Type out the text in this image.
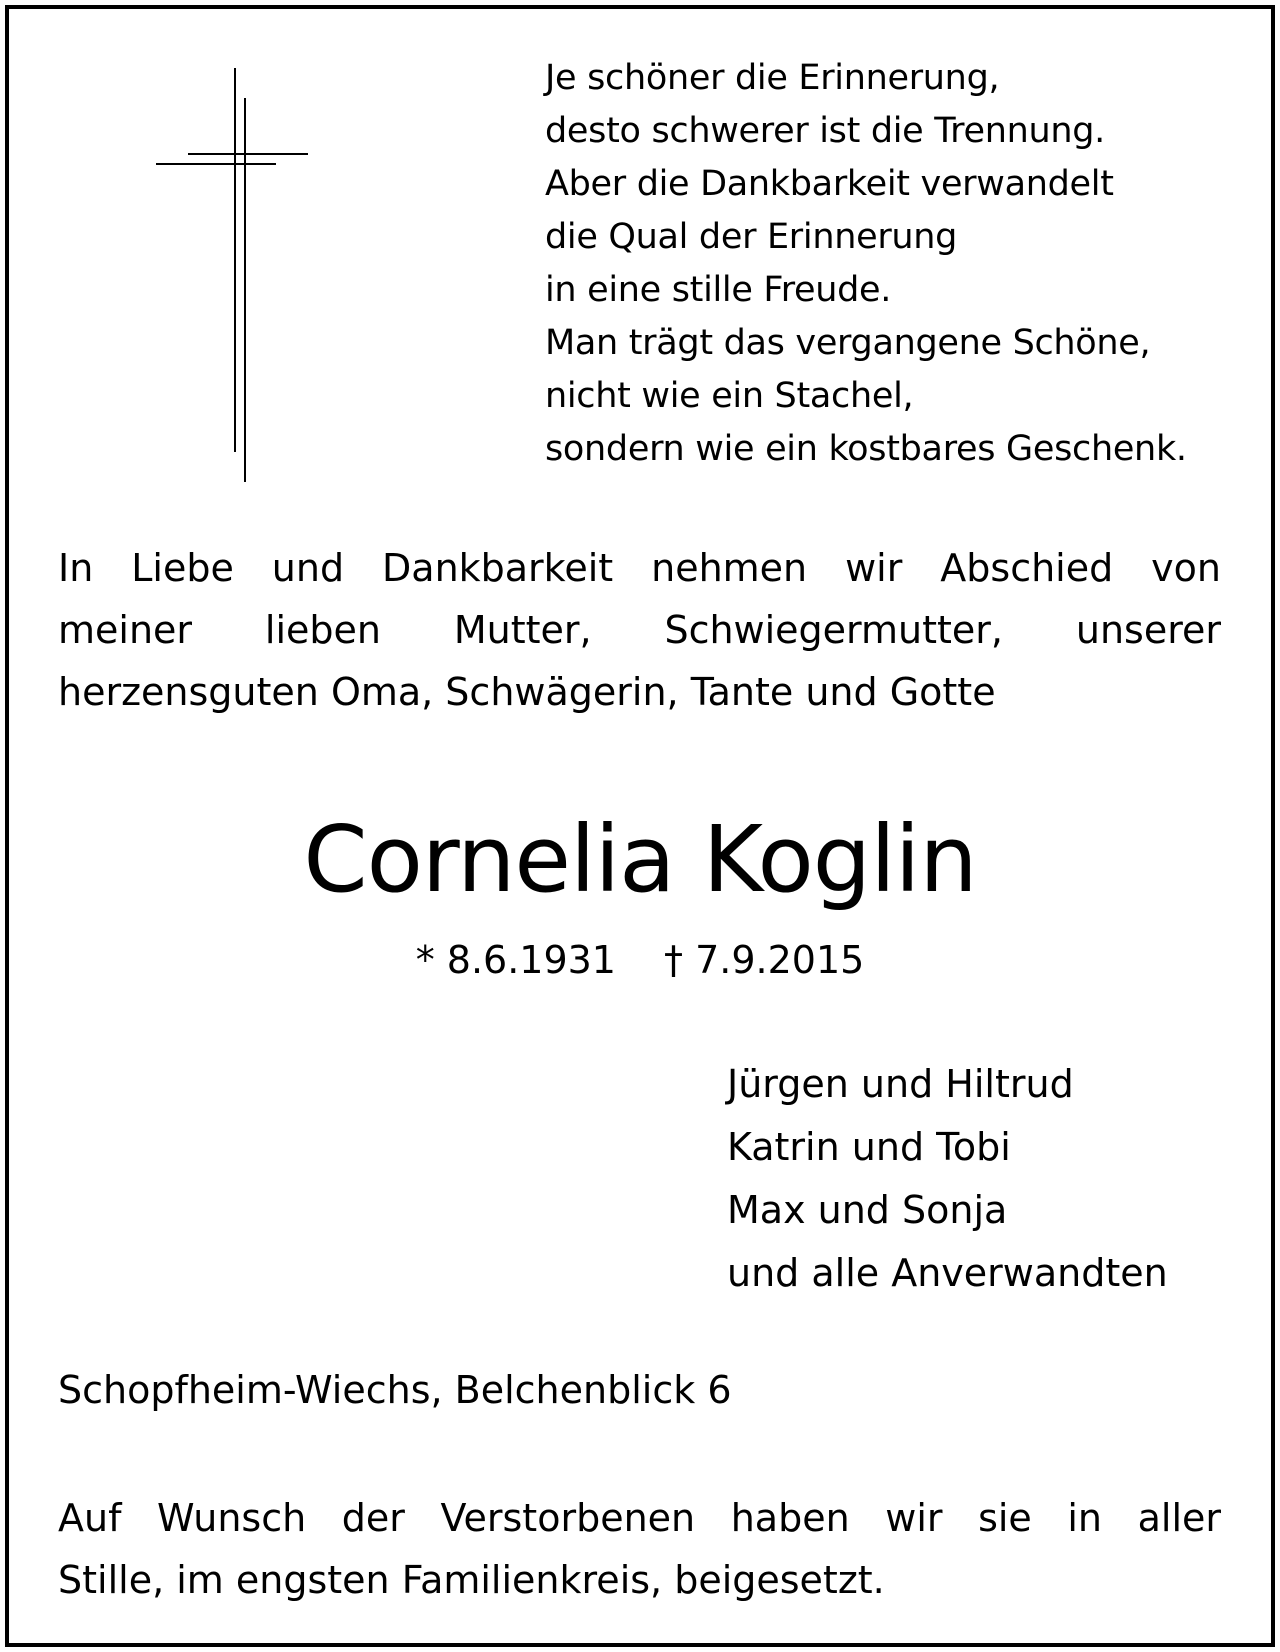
Je schöner die Erinnerung,
desto schwerer ist die Trennung.
Aber die Dankbarkeit verwandelt
die Qual der Erinnerung
in eine stille Freude.
Man trägt das vergangene Schöne,
nicht wie ein Stachel,
sondern wie ein kostbares Geschenk.
In Liebe und Dankbarkeit nehmen wir Abschied von
meiner lieben Mutter, Schwiegermutter, unserer
herzensguten Oma, Schwägerin, Tante und Gotte
Cornelia Koglin
* 8.6.1931 † 7.9.2015
Jürgen und Hiltrud
Katrin und Tobi
Max und Sonja
und alle Anverwandten
Schopfheim-Wiechs, Belchenblick 6
Auf Wunsch der Verstorbenen haben wir sie in aller
Stille, im engsten Familienkreis, beigesetzt.
